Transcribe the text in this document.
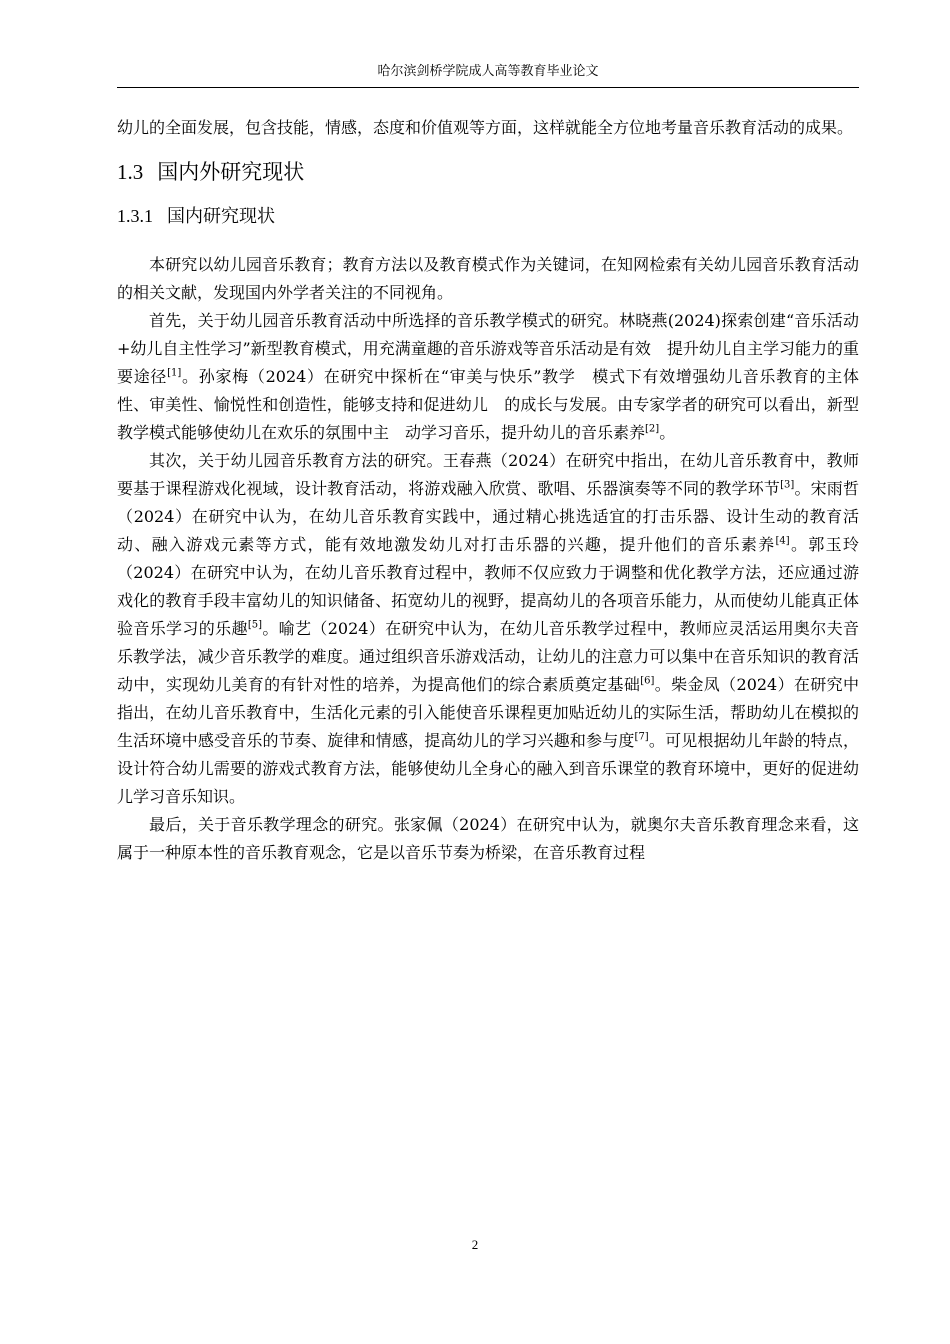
哈尔滨剑桥学院成人高等教育毕业论文

幼儿的全面发展，包含技能，情感，态度和价值观等方面，这样就能全方位地考量音乐教育活动的成果。

1.3 国内外研究现状
1.3.1 国内研究现状

本研究以幼儿园音乐教育；教育方法以及教育模式作为关键词，在知网检索有关幼儿园音乐教育活动的相关文献，发现国内外学者关注的不同视角。

首先，关于幼儿园音乐教育活动中所选择的音乐教学模式的研究。林晓燕(2024)探索创建“音乐活动+幼儿自主性学习”新型教育模式，用充满童趣的音乐游戏等音乐活动是有效　提升幼儿自主学习能力的重要途径[1]。孙家梅（2024）在研究中探析在“审美与快乐”教学　模式下有效增强幼儿音乐教育的主体性、审美性、愉悦性和创造性，能够支持和促进幼儿　的成长与发展。由专家学者的研究可以看出，新型教学模式能够使幼儿在欢乐的氛围中主　动学习音乐，提升幼儿的音乐素养[2]。

其次，关于幼儿园音乐教育方法的研究。王春燕（2024）在研究中指出，在幼儿音乐教育中，教师要基于课程游戏化视域，设计教育活动，将游戏融入欣赏、歌唱、乐器演奏等不同的教学环节[3]。宋雨哲（2024）在研究中认为，在幼儿音乐教育实践中，通过精心挑选适宜的打击乐器、设计生动的教育活动、融入游戏元素等方式，能有效地激发幼儿对打击乐器的兴趣，提升他们的音乐素养[4]。郭玉玲（2024）在研究中认为，在幼儿音乐教育过程中，教师不仅应致力于调整和优化教学方法，还应通过游戏化的教育手段丰富幼儿的知识储备、拓宽幼儿的视野，提高幼儿的各项音乐能力，从而使幼儿能真正体验音乐学习的乐趣[5]。喻艺（2024）在研究中认为，在幼儿音乐教学过程中，教师应灵活运用奥尔夫音乐教学法，减少音乐教学的难度。通过组织音乐游戏活动，让幼儿的注意力可以集中在音乐知识的教育活动中，实现幼儿美育的有针对性的培养，为提高他们的综合素质奠定基础[6]。柴金凤（2024）在研究中指出，在幼儿音乐教育中，生活化元素的引入能使音乐课程更加贴近幼儿的实际生活，帮助幼儿在模拟的生活环境中感受音乐的节奏、旋律和情感，提高幼儿的学习兴趣和参与度[7]。可见根据幼儿年龄的特点，设计符合幼儿需要的游戏式教育方法，能够使幼儿全身心的融入到音乐课堂的教育环境中，更好的促进幼儿学习音乐知识。

最后，关于音乐教学理念的研究。张家佩（2024）在研究中认为，就奥尔夫音乐教育理念来看，这属于一种原本性的音乐教育观念，它是以音乐节奏为桥梁，在音乐教育过程

2
